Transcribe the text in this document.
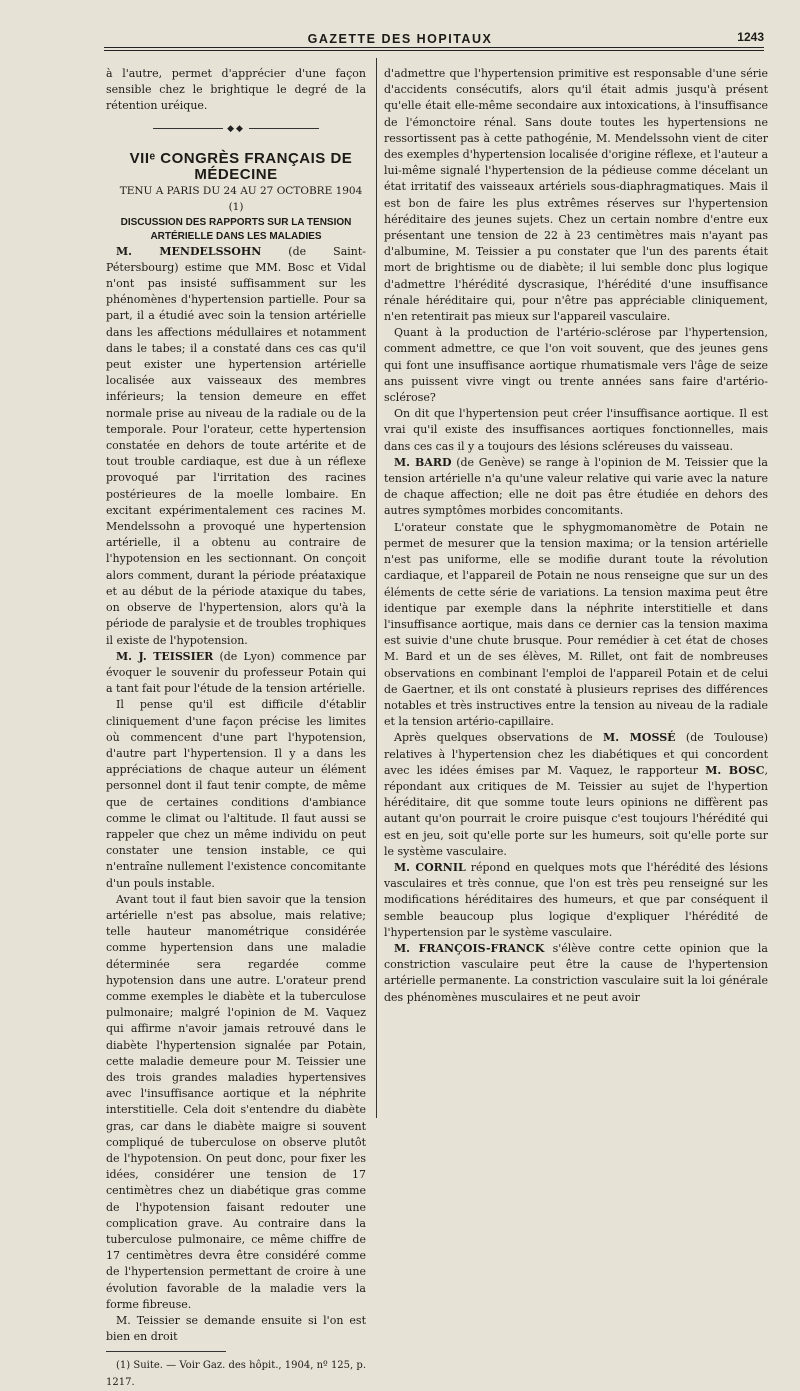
GAZETTE DES HOPITAUX	1243

à l'autre, permet d'apprécier d'une façon sensible chez le brightique le degré de la rétention uréique.

◆◆

VIIᵉ CONGRÈS FRANÇAIS DE MÉDECINE

TENU A PARIS DU 24 AU 27 OCTOBRE 1904 (1)

DISCUSSION DES RAPPORTS SUR LA TENSION ARTÉRIELLE DANS LES MALADIES

M. MENDELSSOHN (de Saint-Pétersbourg) estime que MM. Bosc et Vidal n'ont pas insisté suffisamment sur les phénomènes d'hypertension partielle. Pour sa part, il a étudié avec soin la tension artérielle dans les affections médullaires et notamment dans le tabes; il a constaté dans ces cas qu'il peut exister une hypertension artérielle localisée aux vaisseaux des membres inférieurs; la tension demeure en effet normale prise au niveau de la radiale ou de la temporale. Pour l'orateur, cette hypertension constatée en dehors de toute artérite et de tout trouble cardiaque, est due à un réflexe provoqué par l'irritation des racines postérieures de la moelle lombaire. En excitant expérimentalement ces racines M. Mendelssohn a provoqué une hypertension artérielle, il a obtenu au contraire de l'hypotension en les sectionnant. On conçoit alors comment, durant la période préataxique et au début de la période ataxique du tabes, on observe de l'hypertension, alors qu'à la période de paralysie et de troubles trophiques il existe de l'hypotension.

M. J. TEISSIER (de Lyon) commence par évoquer le souvenir du professeur Potain qui a tant fait pour l'étude de la tension artérielle.

Il pense qu'il est difficile d'établir cliniquement d'une façon précise les limites où commencent d'une part l'hypotension, d'autre part l'hypertension. Il y a dans les appréciations de chaque auteur un élément personnel dont il faut tenir compte, de même que de certaines conditions d'ambiance comme le climat ou l'altitude. Il faut aussi se rappeler que chez un même individu on peut constater une tension instable, ce qui n'entraîne nullement l'existence concomitante d'un pouls instable.

Avant tout il faut bien savoir que la tension artérielle n'est pas absolue, mais relative; telle hauteur manométrique considérée comme hypertension dans une maladie déterminée sera regardée comme hypotension dans une autre. L'orateur prend comme exemples le diabète et la tuberculose pulmonaire; malgré l'opinion de M. Vaquez qui affirme n'avoir jamais retrouvé dans le diabète l'hypertension signalée par Potain, cette maladie demeure pour M. Teissier une des trois grandes maladies hypertensives avec l'insuffisance aortique et la néphrite interstitielle. Cela doit s'entendre du diabète gras, car dans le diabète maigre si souvent compliqué de tuberculose on observe plutôt de l'hypotension. On peut donc, pour fixer les idées, considérer une tension de 17 centimètres chez un diabétique gras comme de l'hypotension faisant redouter une complication grave. Au contraire dans la tuberculose pulmonaire, ce même chiffre de 17 centimètres devra être considéré comme de l'hypertension permettant de croire à une évolution favorable de la maladie vers la forme fibreuse.

M. Teissier se demande ensuite si l'on est bien en droit

(1) Suite. — Voir Gaz. des hôpit., 1904, nº 125, p. 1217.

d'admettre que l'hypertension primitive est responsable d'une série d'accidents consécutifs, alors qu'il était admis jusqu'à présent qu'elle était elle-même secondaire aux intoxications, à l'insuffisance de l'émonctoire rénal. Sans doute toutes les hypertensions ne ressortissent pas à cette pathogénie, M. Mendelssohn vient de citer des exemples d'hypertension localisée d'origine réflexe, et l'auteur a lui-même signalé l'hypertension de la pédieuse comme décelant un état irritatif des vaisseaux artériels sous-diaphragmatiques. Mais il est bon de faire les plus extrêmes réserves sur l'hypertension héréditaire des jeunes sujets. Chez un certain nombre d'entre eux présentant une tension de 22 à 23 centimètres mais n'ayant pas d'albumine, M. Teissier a pu constater que l'un des parents était mort de brightisme ou de diabète; il lui semble donc plus logique d'admettre l'hérédité dyscrasique, l'hérédité d'une insuffisance rénale héréditaire qui, pour n'être pas appréciable cliniquement, n'en retentirait pas mieux sur l'appareil vasculaire.

Quant à la production de l'artério-sclérose par l'hypertension, comment admettre, ce que l'on voit souvent, que des jeunes gens qui font une insuffisance aortique rhumatismale vers l'âge de seize ans puissent vivre vingt ou trente années sans faire d'artério-sclérose?

On dit que l'hypertension peut créer l'insuffisance aortique. Il est vrai qu'il existe des insuffisances aortiques fonctionnelles, mais dans ces cas il y a toujours des lésions scléreuses du vaisseau.

M. BARD (de Genève) se range à l'opinion de M. Teissier que la tension artérielle n'a qu'une valeur relative qui varie avec la nature de chaque affection; elle ne doit pas être étudiée en dehors des autres symptômes morbides concomitants.

L'orateur constate que le sphygmomanomètre de Potain ne permet de mesurer que la tension maxima; or la tension artérielle n'est pas uniforme, elle se modifie durant toute la révolution cardiaque, et l'appareil de Potain ne nous renseigne que sur un des éléments de cette série de variations. La tension maxima peut être identique par exemple dans la néphrite interstitielle et dans l'insuffisance aortique, mais dans ce dernier cas la tension maxima est suivie d'une chute brusque. Pour remédier à cet état de choses M. Bard et un de ses élèves, M. Rillet, ont fait de nombreuses observations en combinant l'emploi de l'appareil Potain et de celui de Gaertner, et ils ont constaté à plusieurs reprises des différences notables et très instructives entre la tension au niveau de la radiale et la tension artério-capillaire.

Après quelques observations de M. MOSSÉ (de Toulouse) relatives à l'hypertension chez les diabétiques et qui concordent avec les idées émises par M. Vaquez, le rapporteur M. BOSC, répondant aux critiques de M. Teissier au sujet de l'hypertion héréditaire, dit que somme toute leurs opinions ne diffèrent pas autant qu'on pourrait le croire puisque c'est toujours l'hérédité qui est en jeu, soit qu'elle porte sur les humeurs, soit qu'elle porte sur le système vasculaire.

M. CORNIL répond en quelques mots que l'hérédité des lésions vasculaires et très connue, que l'on est très peu renseigné sur les modifications héréditaires des humeurs, et que par conséquent il semble beaucoup plus logique d'expliquer l'hérédité de l'hypertension par le système vasculaire.

M. FRANÇOIS-FRANCK s'élève contre cette opinion que la constriction vasculaire peut être la cause de l'hypertension artérielle permanente. La constriction vasculaire suit la loi générale des phénomènes musculaires et ne peut avoir
